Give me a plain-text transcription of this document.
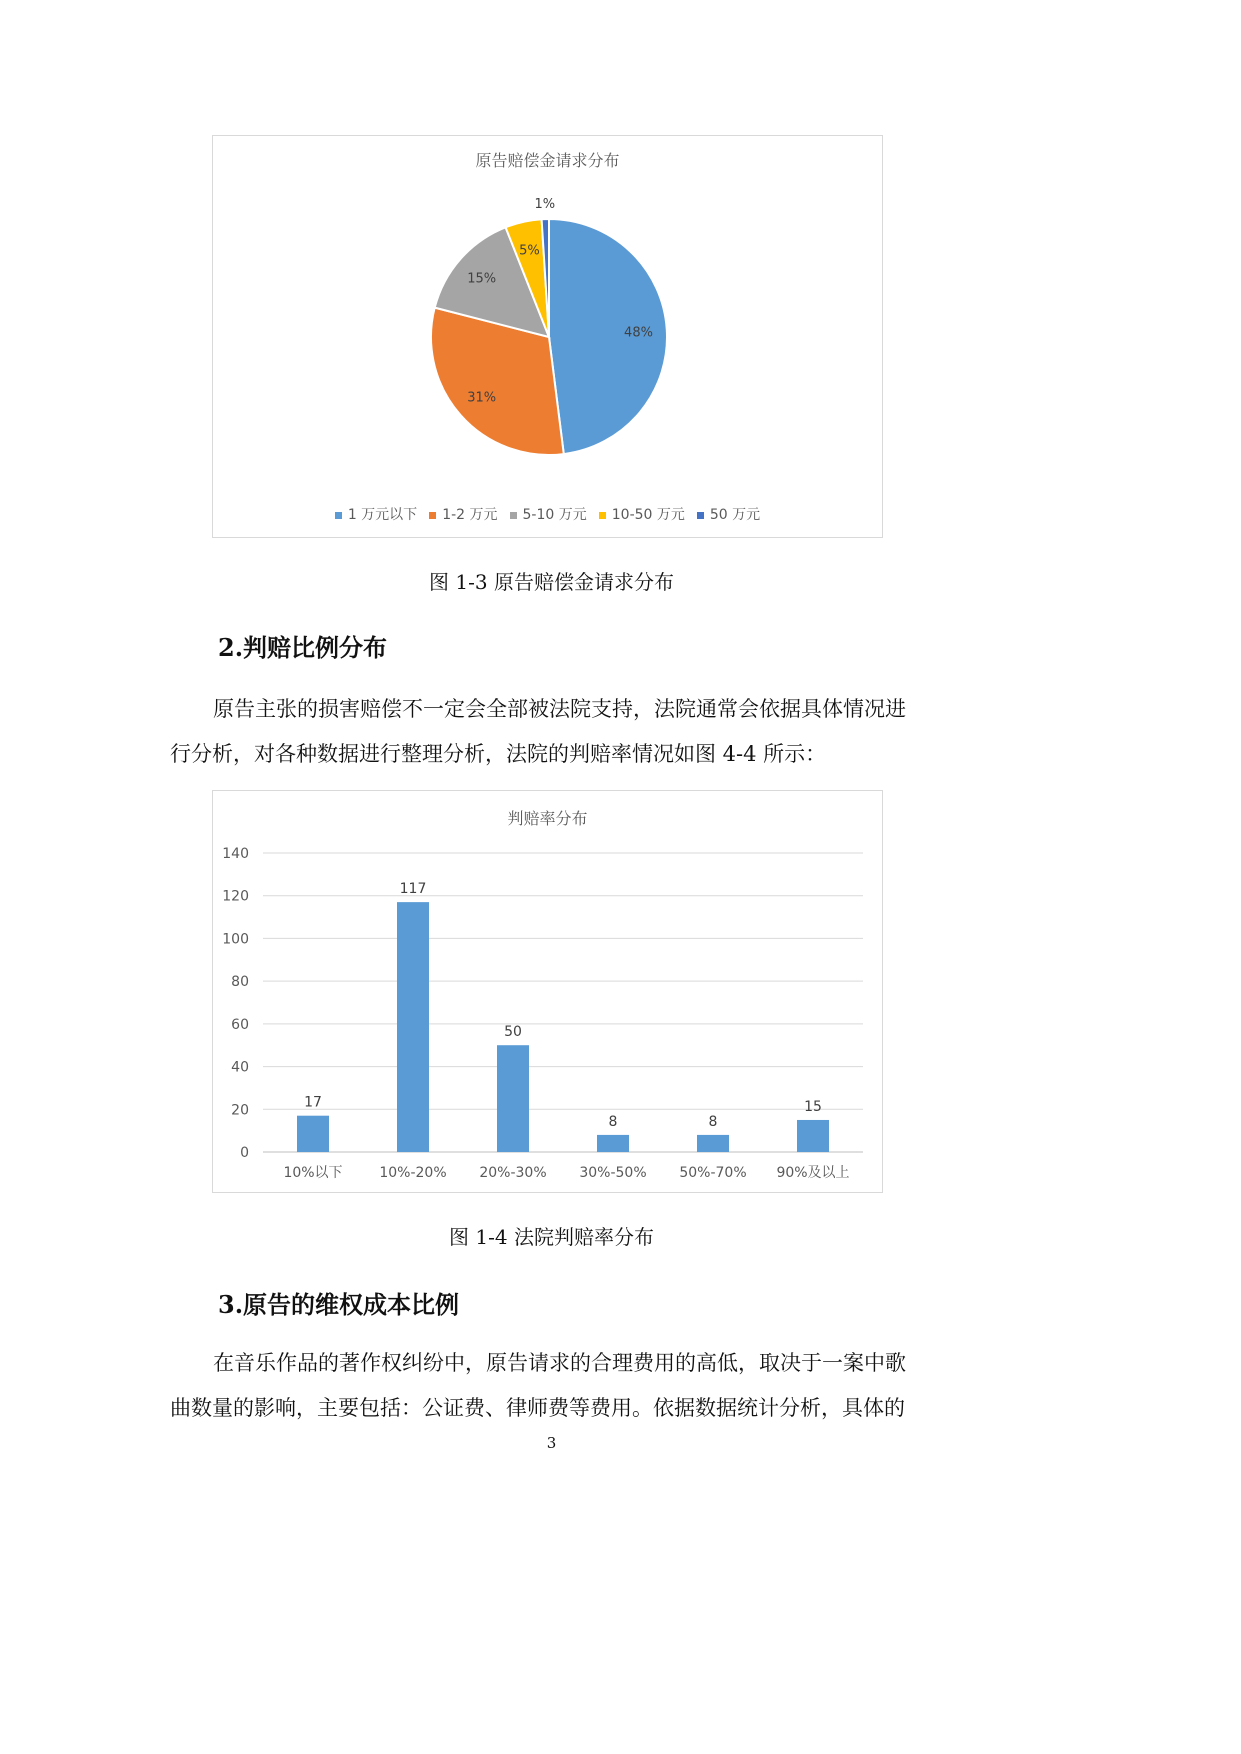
原告赔偿金请求分布
48%
31%
15%
5%
1%
1 万元以下 1-2 万元 5-10 万元 10-50 万元 50 万元
图 1-3 原告赔偿金请求分布
2.判赔比例分布
原告主张的损害赔偿不一定会全部被法院支持，法院通常会依据具体情况进
行分析，对各种数据进行整理分析，法院的判赔率情况如图 4-4 所示：
判赔率分布
0
20
40
60
80
100
120
140
17
10%以下
117
10%-20%
50
20%-30%
8
30%-50%
8
50%-70%
15
90%及以上
图 1-4 法院判赔率分布
3.原告的维权成本比例
在音乐作品的著作权纠纷中，原告请求的合理费用的高低，取决于一案中歌
曲数量的影响，主要包括：公证费、律师费等费用。依据数据统计分析，具体的
3
